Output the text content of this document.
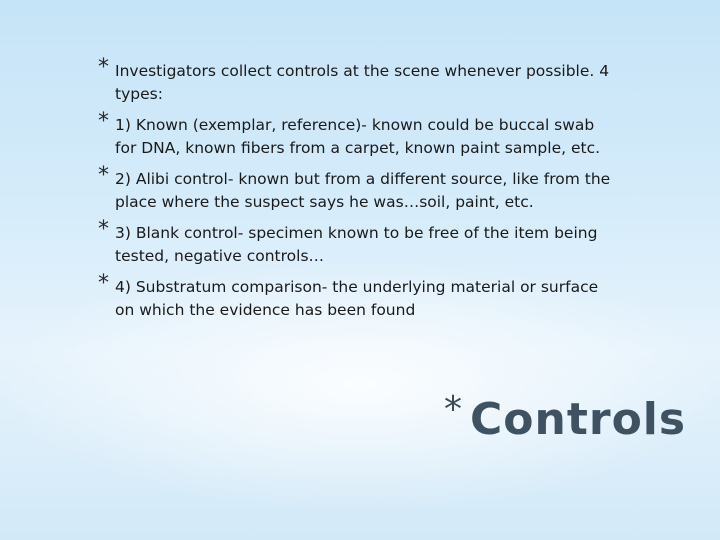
* Investigators collect controls at the scene whenever possible. 4 types:
* 1) Known (exemplar, reference)- known could be buccal swab for DNA, known fibers from a carpet, known paint sample, etc.
* 2) Alibi control- known but from a different source, like from the place where the suspect says he was…soil, paint, etc.
* 3) Blank control- specimen known to be free of the item being tested, negative controls…
* 4) Substratum comparison- the underlying material or surface on which the evidence has been found
* Controls
